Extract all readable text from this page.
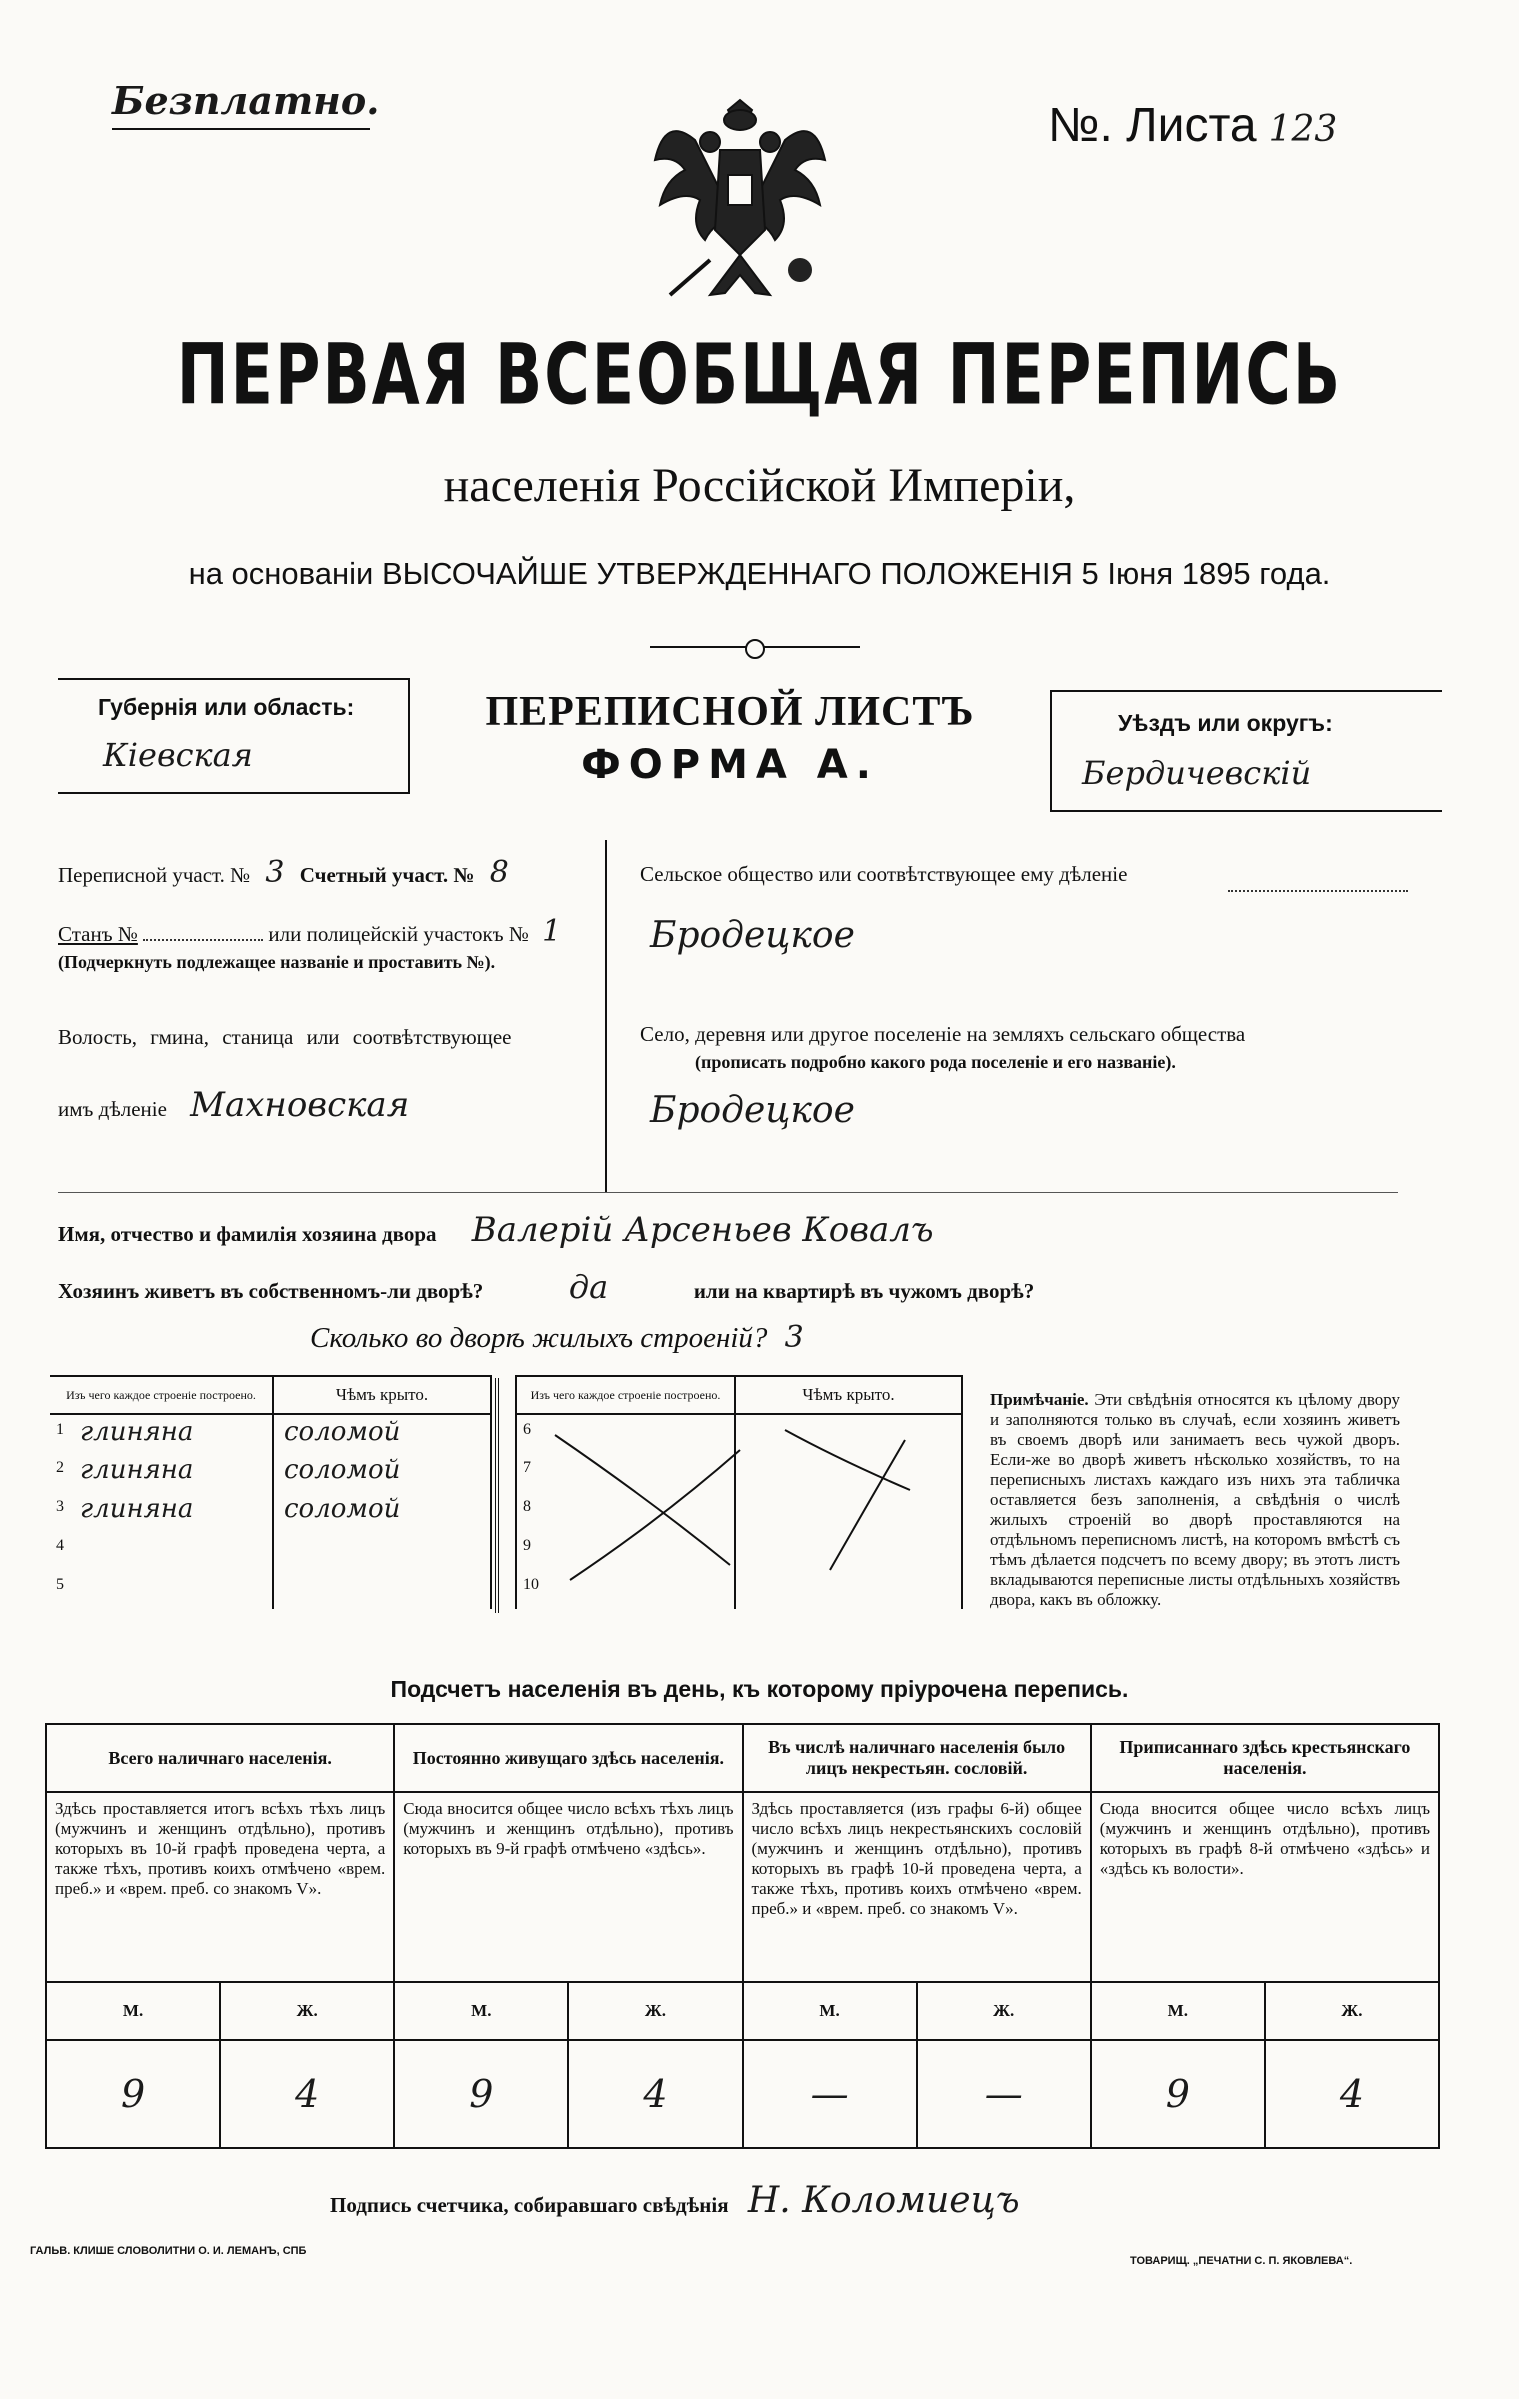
Безплатно.	№. Листа 123
ПЕРВАЯ ВСЕОБЩАЯ ПЕРЕПИСЬ
населенія Россійской Имперіи,
на основаніи ВЫСОЧАЙШЕ УТВЕРЖДЕННАГО ПОЛОЖЕНІЯ 5 Іюня 1895 года.
Губернія или область:
Кіевская
ПЕРЕПИСНОЙ ЛИСТЪ
ФОРМА А.
Уѣздъ или округъ:
Бердичевскій
Переписной участ. № 3 Счетный участ. № 8
Станъ №	или полицейскій участокъ № 1
(Подчеркнуть подлежащее названіе и проставить №).
Волость, гмина, станица или соотвѣтствующее
имъ дѣленіе Махновская
Сельское общество или соотвѣтствующее ему дѣленіе
Бродецкое
Село, деревня или другое поселеніе на земляхъ сельскаго общества
(прописать подробно какого рода поселеніе и его названіе).
Бродецкое
Имя, отчество и фамилія хозяина двора Валерій Арсеньев Ковалъ
Хозяинъ живетъ въ собственномъ-ли дворѣ?	да	или на квартирѣ въ чужомъ дворѣ?
Сколько во дворѣ жилыхъ строеній? 3
Изъ чего каждое строеніе построено.	Чѣмъ крыто.

1 глиняна	соломой

2 глиняна	соломой

3 глиняна	соломой

4	

5	

Изъ чего каждое строеніе построено.	Чѣмъ крыто.

6	

7	

8	

9	

10	

Примѣчаніе. Эти свѣдѣнія относятся къ цѣлому двору и заполняются только въ случаѣ, если хозяинъ живетъ въ своемъ дворѣ или занимаетъ весь чужой дворъ. Если-же во дворѣ живетъ нѣсколько хозяйствъ, то на переписныхъ листахъ каждаго изъ нихъ эта табличка оставляется безъ заполненія, а свѣдѣнія о числѣ жилыхъ строеній во дворѣ проставляются на отдѣльномъ переписномъ листѣ, на которомъ вмѣстѣ съ тѣмъ дѣлается подсчетъ по всему двору; въ этотъ листъ вкладываются переписные листы отдѣльныхъ хозяйствъ двора, какъ въ обложку.
Подсчетъ населенія въ день, къ которому пріурочена перепись.
Всего наличнаго населенія.		Постоянно живущаго здѣсь населенія.		Въ числѣ наличнаго населенія было лицъ некрестьян. сословій.		Приписаннаго здѣсь крестьянскаго населенія.	
Здѣсь проставляется итогъ всѣхъ тѣхъ лицъ (мужчинъ и женщинъ отдѣльно), противъ которыхъ въ 10-й графѣ проведена черта, а также тѣхъ, противъ коихъ отмѣчено «врем. преб.» и «врем. преб. со знакомъ V».		Сюда вносится общее число всѣхъ тѣхъ лицъ (мужчинъ и женщинъ отдѣльно), противъ которыхъ въ 9-й графѣ отмѣчено «здѣсь».		Здѣсь проставляется (изъ графы 6-й) общее число всѣхъ лицъ некрестьянскихъ сословій (мужчинъ и женщинъ отдѣльно), противъ которыхъ въ графѣ 10-й проведена черта, а также тѣхъ, противъ коихъ отмѣчено «врем. преб.» и «врем. преб. со знакомъ V».		Сюда вносится общее число всѣхъ лицъ (мужчинъ и женщинъ отдѣльно), противъ которыхъ въ графѣ 8-й отмѣчено «здѣсь» и «здѣсь къ волости».	
М.	Ж.	М.	Ж.	М.	Ж.	М.	Ж.
9	4	9	4	—	—	9	4
Подпись счетчика, собиравшаго свѣдѣнія Н. Коломиецъ
ГАЛЬВ. КЛИШЕ СЛОВОЛИТНИ О. И. ЛЕМАНЪ, СПБ
ТОВАРИЩ. „ПЕЧАТНИ С. П. ЯКОВЛЕВА“.
